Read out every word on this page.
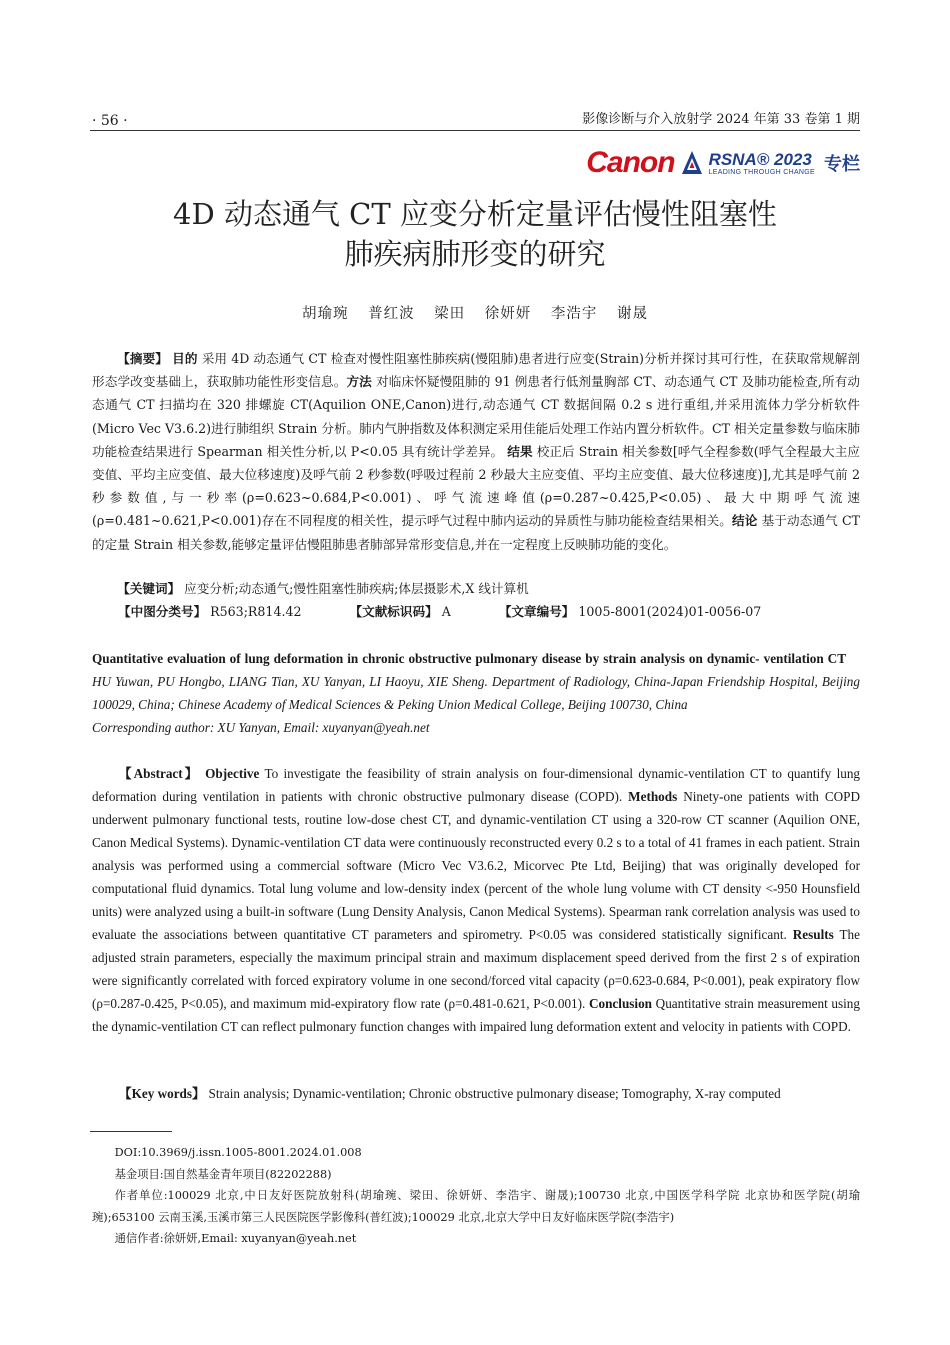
· 56 ·	影像诊断与介入放射学 2024 年第 33 卷第 1 期
Canon RSNA® 2023
LEADING THROUGH CHANGE 专栏
4D 动态通气 CT 应变分析定量评估慢性阻塞性
肺疾病肺形变的研究
胡瑜琬 普红波 梁田 徐妍妍 李浩宇 谢晟
【摘要】 目的 采用 4D 动态通气 CT 检查对慢性阻塞性肺疾病(慢阻肺)患者进行应变(Strain)分析并探讨其可行性，在获取常规解剖形态学改变基础上，获取肺功能性形变信息。方法 对临床怀疑慢阻肺的 91 例患者行低剂量胸部 CT、动态通气 CT 及肺功能检查,所有动态通气 CT 扫描均在 320 排螺旋 CT(Aquilion ONE,Canon)进行,动态通气 CT 数据间隔 0.2 s 进行重组,并采用流体力学分析软件(Micro Vec V3.6.2)进行肺组织 Strain 分析。肺内气肿指数及体积测定采用佳能后处理工作站内置分析软件。CT 相关定量参数与临床肺功能检查结果进行 Spearman 相关性分析,以 P<0.05 具有统计学差异。 结果 校正后 Strain 相关参数[呼气全程参数(呼气全程最大主应变值、平均主应变值、最大位移速度)及呼气前 2 秒参数(呼吸过程前 2 秒最大主应变值、平均主应变值、最大位移速度)],尤其是呼气前 2 秒参数值,与一秒率(ρ=0.623~0.684,P<0.001)、呼气流速峰值(ρ=0.287~0.425,P<0.05)、最大中期呼气流速(ρ=0.481~0.621,P<0.001)存在不同程度的相关性，提示呼气过程中肺内运动的异质性与肺功能检查结果相关。结论 基于动态通气 CT 的定量 Strain 相关参数,能够定量评估慢阻肺患者肺部异常形变信息,并在一定程度上反映肺功能的变化。
【关键词】 应变分析;动态通气;慢性阻塞性肺疾病;体层摄影术,X 线计算机
【中图分类号】 R563;R814.42	【文献标识码】 A	【文章编号】 1005-8001(2024)01-0056-07
Quantitative evaluation of lung deformation in chronic obstructive pulmonary disease by strain analysis on dynamic- ventilation CT HU Yuwan, PU Hongbo, LIANG Tian, XU Yanyan, LI Haoyu, XIE Sheng. Department of Radiology, China-Japan Friendship Hospital, Beijing 100029, China; Chinese Academy of Medical Sciences & Peking Union Medical College, Beijing 100730, China
Corresponding author: XU Yanyan, Email: xuyanyan@yeah.net
【Abstract】 Objective To investigate the feasibility of strain analysis on four-dimensional dynamic-ventilation CT to quantify lung deformation during ventilation in patients with chronic obstructive pulmonary disease (COPD). Methods Ninety-one patients with COPD underwent pulmonary functional tests, routine low-dose chest CT, and dynamic-ventilation CT using a 320-row CT scanner (Aquilion ONE, Canon Medical Systems). Dynamic-ventilation CT data were continuously reconstructed every 0.2 s to a total of 41 frames in each patient. Strain analysis was performed using a commercial software (Micro Vec V3.6.2, Micorvec Pte Ltd, Beijing) that was originally developed for computational fluid dynamics. Total lung volume and low-density index (percent of the whole lung volume with CT density <-950 Hounsfield units) were analyzed using a built-in software (Lung Density Analysis, Canon Medical Systems). Spearman rank correlation analysis was used to evaluate the associations between quantitative CT parameters and spirometry. P<0.05 was considered statistically significant. Results The adjusted strain parameters, especially the maximum principal strain and maximum displacement speed derived from the first 2 s of expiration were significantly correlated with forced expiratory volume in one second/forced vital capacity (ρ=0.623-0.684, P<0.001), peak expiratory flow (ρ=0.287-0.425, P<0.05), and maximum mid-expiratory flow rate (ρ=0.481-0.621, P<0.001). Conclusion Quantitative strain measurement using the dynamic-ventilation CT can reflect pulmonary function changes with impaired lung deformation extent and velocity in patients with COPD.
【Key words】 Strain analysis; Dynamic-ventilation; Chronic obstructive pulmonary disease; Tomography, X-ray computed
DOI:10.3969/j.issn.1005-8001.2024.01.008
基金项目:国自然基金青年项目(82202288)
作者单位:100029 北京,中日友好医院放射科(胡瑜琬、梁田、徐妍妍、李浩宇、谢晟);100730 北京,中国医学科学院 北京协和医学院(胡瑜琬);653100 云南玉溪,玉溪市第三人民医院医学影像科(普红波);100029 北京,北京大学中日友好临床医学院(李浩宇)
通信作者:徐妍妍,Email: xuyanyan@yeah.net
